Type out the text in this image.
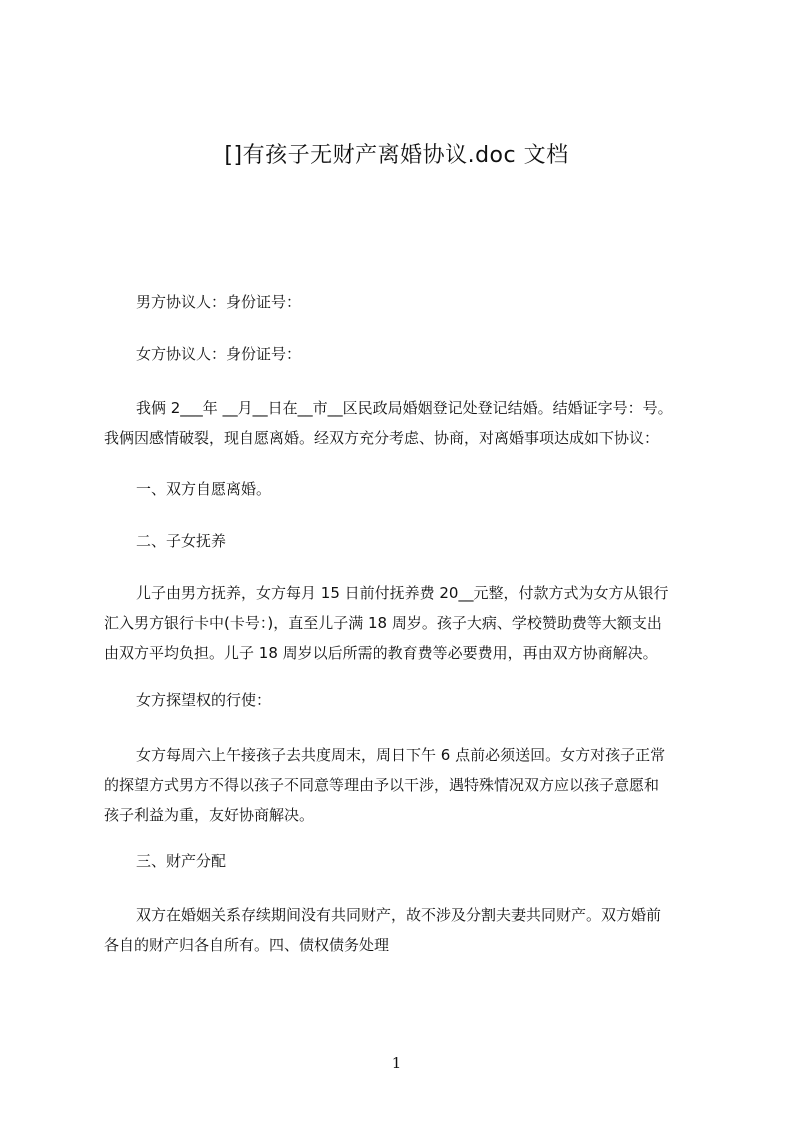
[]有孩子无财产离婚协议.doc 文档
男方协议人：身份证号：
女方协议人：身份证号：
我俩 2___年 __月__日在__市__区民政局婚姻登记处登记结婚。结婚证字号：号。
我俩因感情破裂，现自愿离婚。经双方充分考虑、协商，对离婚事项达成如下协议：
一、双方自愿离婚。
二、子女抚养
儿子由男方抚养，女方每月 15 日前付抚养费 20__元整，付款方式为女方从银行
汇入男方银行卡中(卡号：)，直至儿子满 18 周岁。孩子大病、学校赞助费等大额支出
由双方平均负担。儿子 18 周岁以后所需的教育费等必要费用，再由双方协商解决。
女方探望权的行使：
女方每周六上午接孩子去共度周末，周日下午 6 点前必须送回。女方对孩子正常
的探望方式男方不得以孩子不同意等理由予以干涉，遇特殊情况双方应以孩子意愿和
孩子利益为重，友好协商解决。
三、财产分配
双方在婚姻关系存续期间没有共同财产，故不涉及分割夫妻共同财产。双方婚前
各自的财产归各自所有。四、债权债务处理
1
